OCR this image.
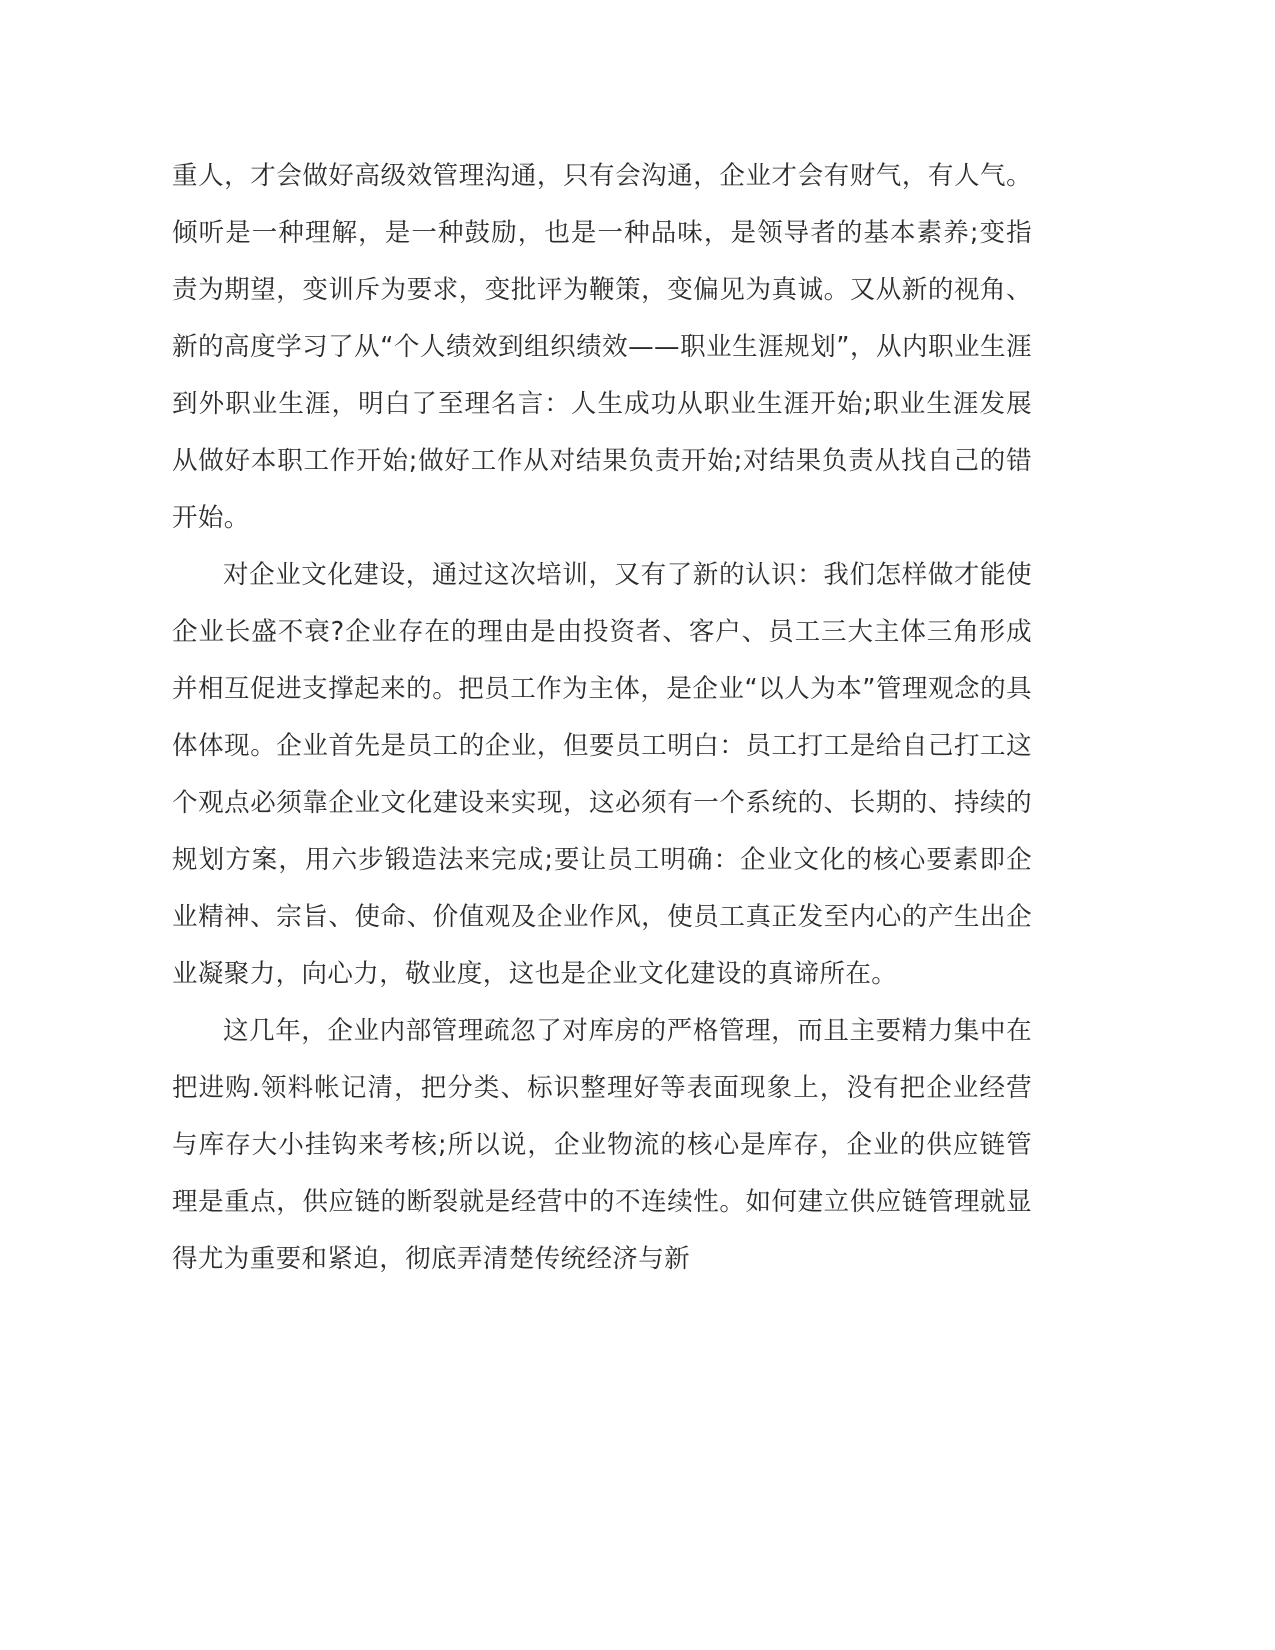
重人，才会做好高级效管理沟通，只有会沟通，企业才会有财气，有人气。倾听是一种理解，是一种鼓励，也是一种品味，是领导者的基本素养;变指责为期望，变训斥为要求，变批评为鞭策，变偏见为真诚。又从新的视角、新的高度学习了从“个人绩效到组织绩效——职业生涯规划”，从内职业生涯到外职业生涯，明白了至理名言：人生成功从职业生涯开始;职业生涯发展从做好本职工作开始;做好工作从对结果负责开始;对结果负责从找自己的错开始。

对企业文化建设，通过这次培训，又有了新的认识：我们怎样做才能使企业长盛不衰?企业存在的理由是由投资者、客户、员工三大主体三角形成并相互促进支撑起来的。把员工作为主体，是企业“以人为本”管理观念的具体体现。企业首先是员工的企业，但要员工明白：员工打工是给自己打工这个观点必须靠企业文化建设来实现，这必须有一个系统的、长期的、持续的规划方案，用六步锻造法来完成;要让员工明确：企业文化的核心要素即企业精神、宗旨、使命、价值观及企业作风，使员工真正发至内心的产生出企业凝聚力，向心力，敬业度，这也是企业文化建设的真谛所在。

这几年，企业内部管理疏忽了对库房的严格管理，而且主要精力集中在把进购.领料帐记清，把分类、标识整理好等表面现象上，没有把企业经营与库存大小挂钩来考核;所以说，企业物流的核心是库存，企业的供应链管理是重点，供应链的断裂就是经营中的不连续性。如何建立供应链管理就显得尤为重要和紧迫，彻底弄清楚传统经济与新
